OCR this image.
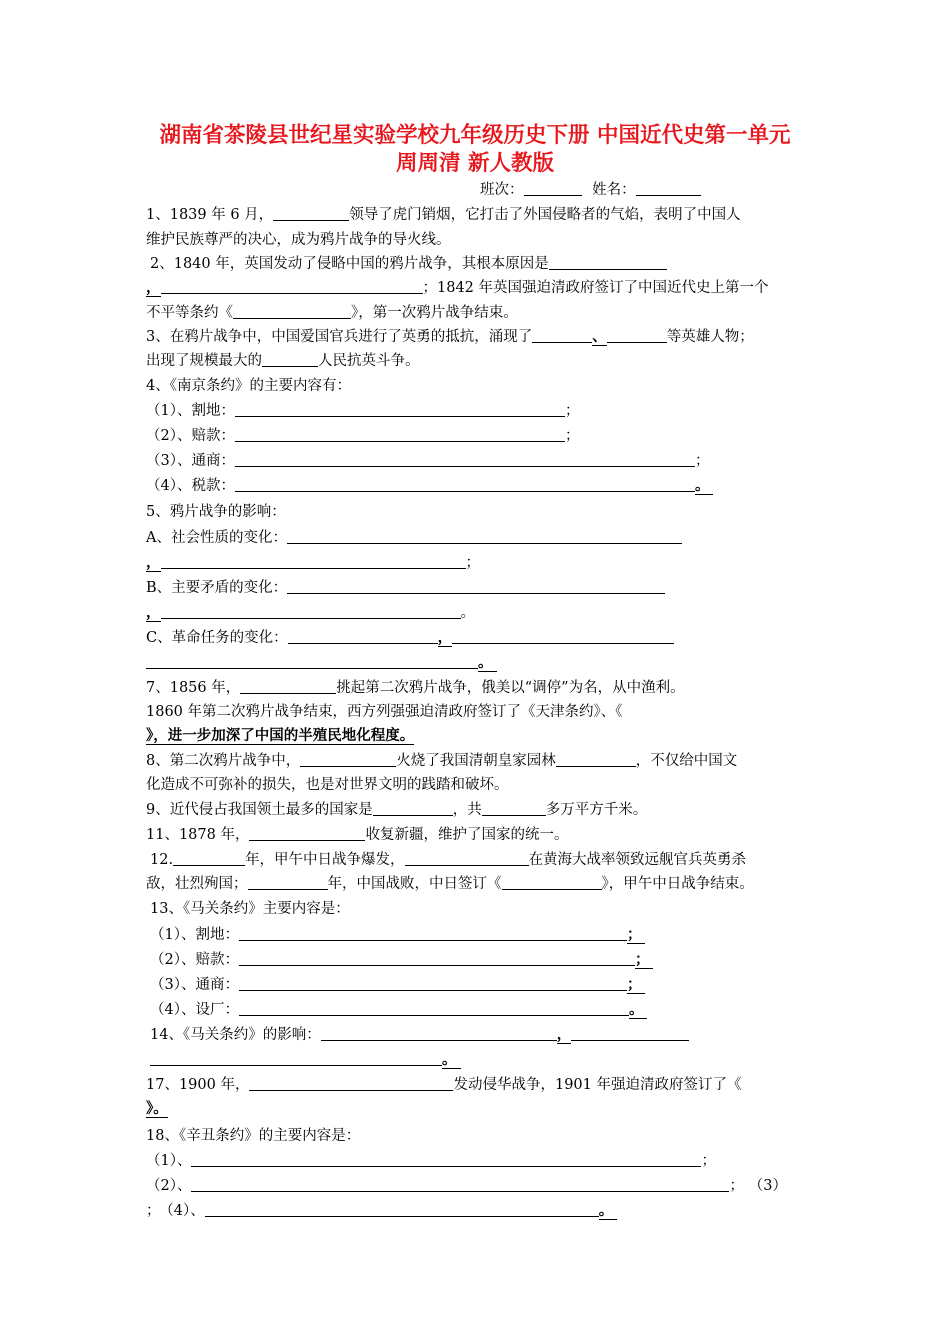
湖南省茶陵县世纪星实验学校九年级历史下册 中国近代史第一单元
周周清 新人教版
班次：	姓名：
1、1839 年 6 月，	领导了虎门销烟，它打击了外国侵略者的气焰，表明了中国人
维护民族尊严的决心，成为鸦片战争的导火线。
2、1840 年，英国发动了侵略中国的鸦片战争，其根本原因是
，	；1842 年英国强迫清政府签订了中国近代史上第一个
不平等条约《	》，第一次鸦片战争结束。
3、在鸦片战争中，中国爱国官兵进行了英勇的抵抗，涌现了	、	等英雄人物；
出现了规模最大的	人民抗英斗争。
4、《南京条约》的主要内容有：
（1）、割地：	；
（2）、赔款：	；
（3）、通商：	；
（4）、税款：	。
5、鸦片战争的影响：
A、社会性质的变化：
，	；
B、主要矛盾的变化：
，	。
C、革命任务的变化：	，
。
7、1856 年，	挑起第二次鸦片战争，俄美以“调停”为名，从中渔利。
1860 年第二次鸦片战争结束，西方列强强迫清政府签订了《天津条约》、《
》，进一步加深了中国的半殖民地化程度。
8、第二次鸦片战争中，	火烧了我国清朝皇家园林	，不仅给中国文
化造成不可弥补的损失，也是对世界文明的践踏和破坏。
9、近代侵占我国领土最多的国家是	，共	多万平方千米。
11、1878 年，	收复新疆，维护了国家的统一。
12.	年，甲午中日战争爆发，	在黄海大战率领致远舰官兵英勇杀
敌，壮烈殉国；	年，中国战败，中日签订《	》，甲午中日战争结束。
13、《马关条约》主要内容是：
（1）、割地：	；
（2）、赔款：	；
（3）、通商：	；
（4）、设厂：	。
14、《马关条约》的影响：	，
。
17、1900 年，	发动侵华战争，1901 年强迫清政府签订了《
》。
18、《辛丑条约》的主要内容是：
（1）、	；
（2）、	； （3）
； （4）、	。
